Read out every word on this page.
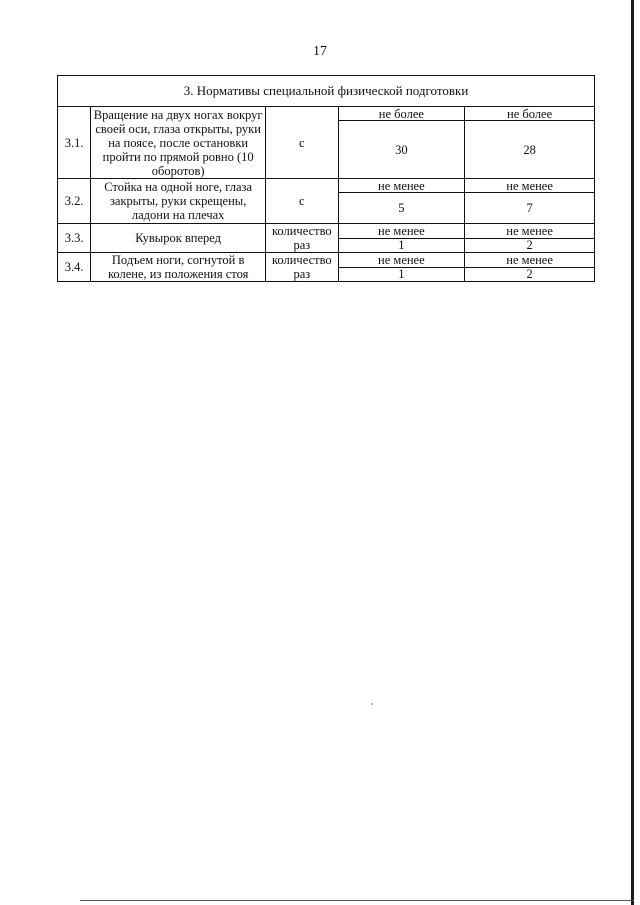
17
3. Нормативы специальной физической подготовки				
3.1.	Вращение на двух ногах вокруг своей оси, глаза открыты, руки на поясе, после остановки пройти по прямой ровно (10 оборотов)	с	не более	не более
			30	28
3.2.	Стойка на одной ноге, глаза закрыты, руки скрещены, ладони на плечах	с	не менее	не менее
			5	7
3.3.	Кувырок вперед	количество раз	не менее	не менее
			1	2
3.4.	Подъем ноги, согнутой в колене, из положения стоя	количество раз	не менее	не менее
			1	2
